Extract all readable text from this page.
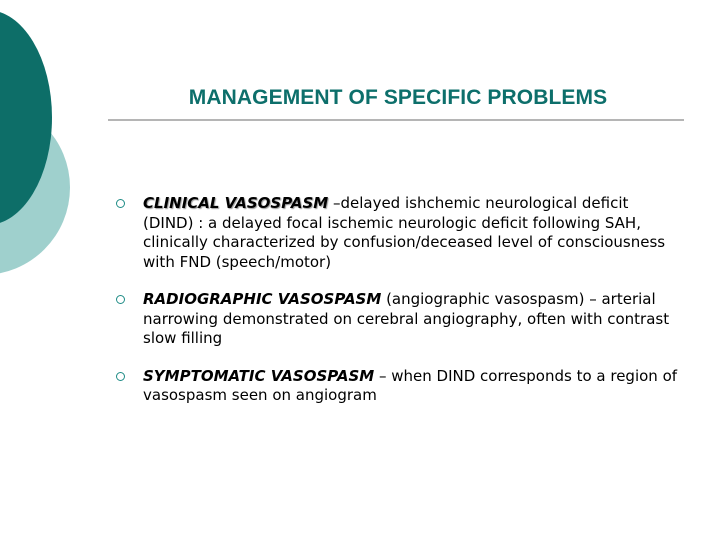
MANAGEMENT OF SPECIFIC PROBLEMS
CLINICAL VASOSPASM –delayed ishchemic neurological deficit (DIND) : a delayed focal ischemic neurologic deficit following SAH, clinically characterized by confusion/deceased level of consciousness with FND (speech/motor)
RADIOGRAPHIC VASOSPASM (angiographic vasospasm) – arterial narrowing demonstrated on cerebral angiography, often with contrast slow filling
SYMPTOMATIC VASOSPASM – when DIND corresponds to a region of vasospasm seen on angiogram
